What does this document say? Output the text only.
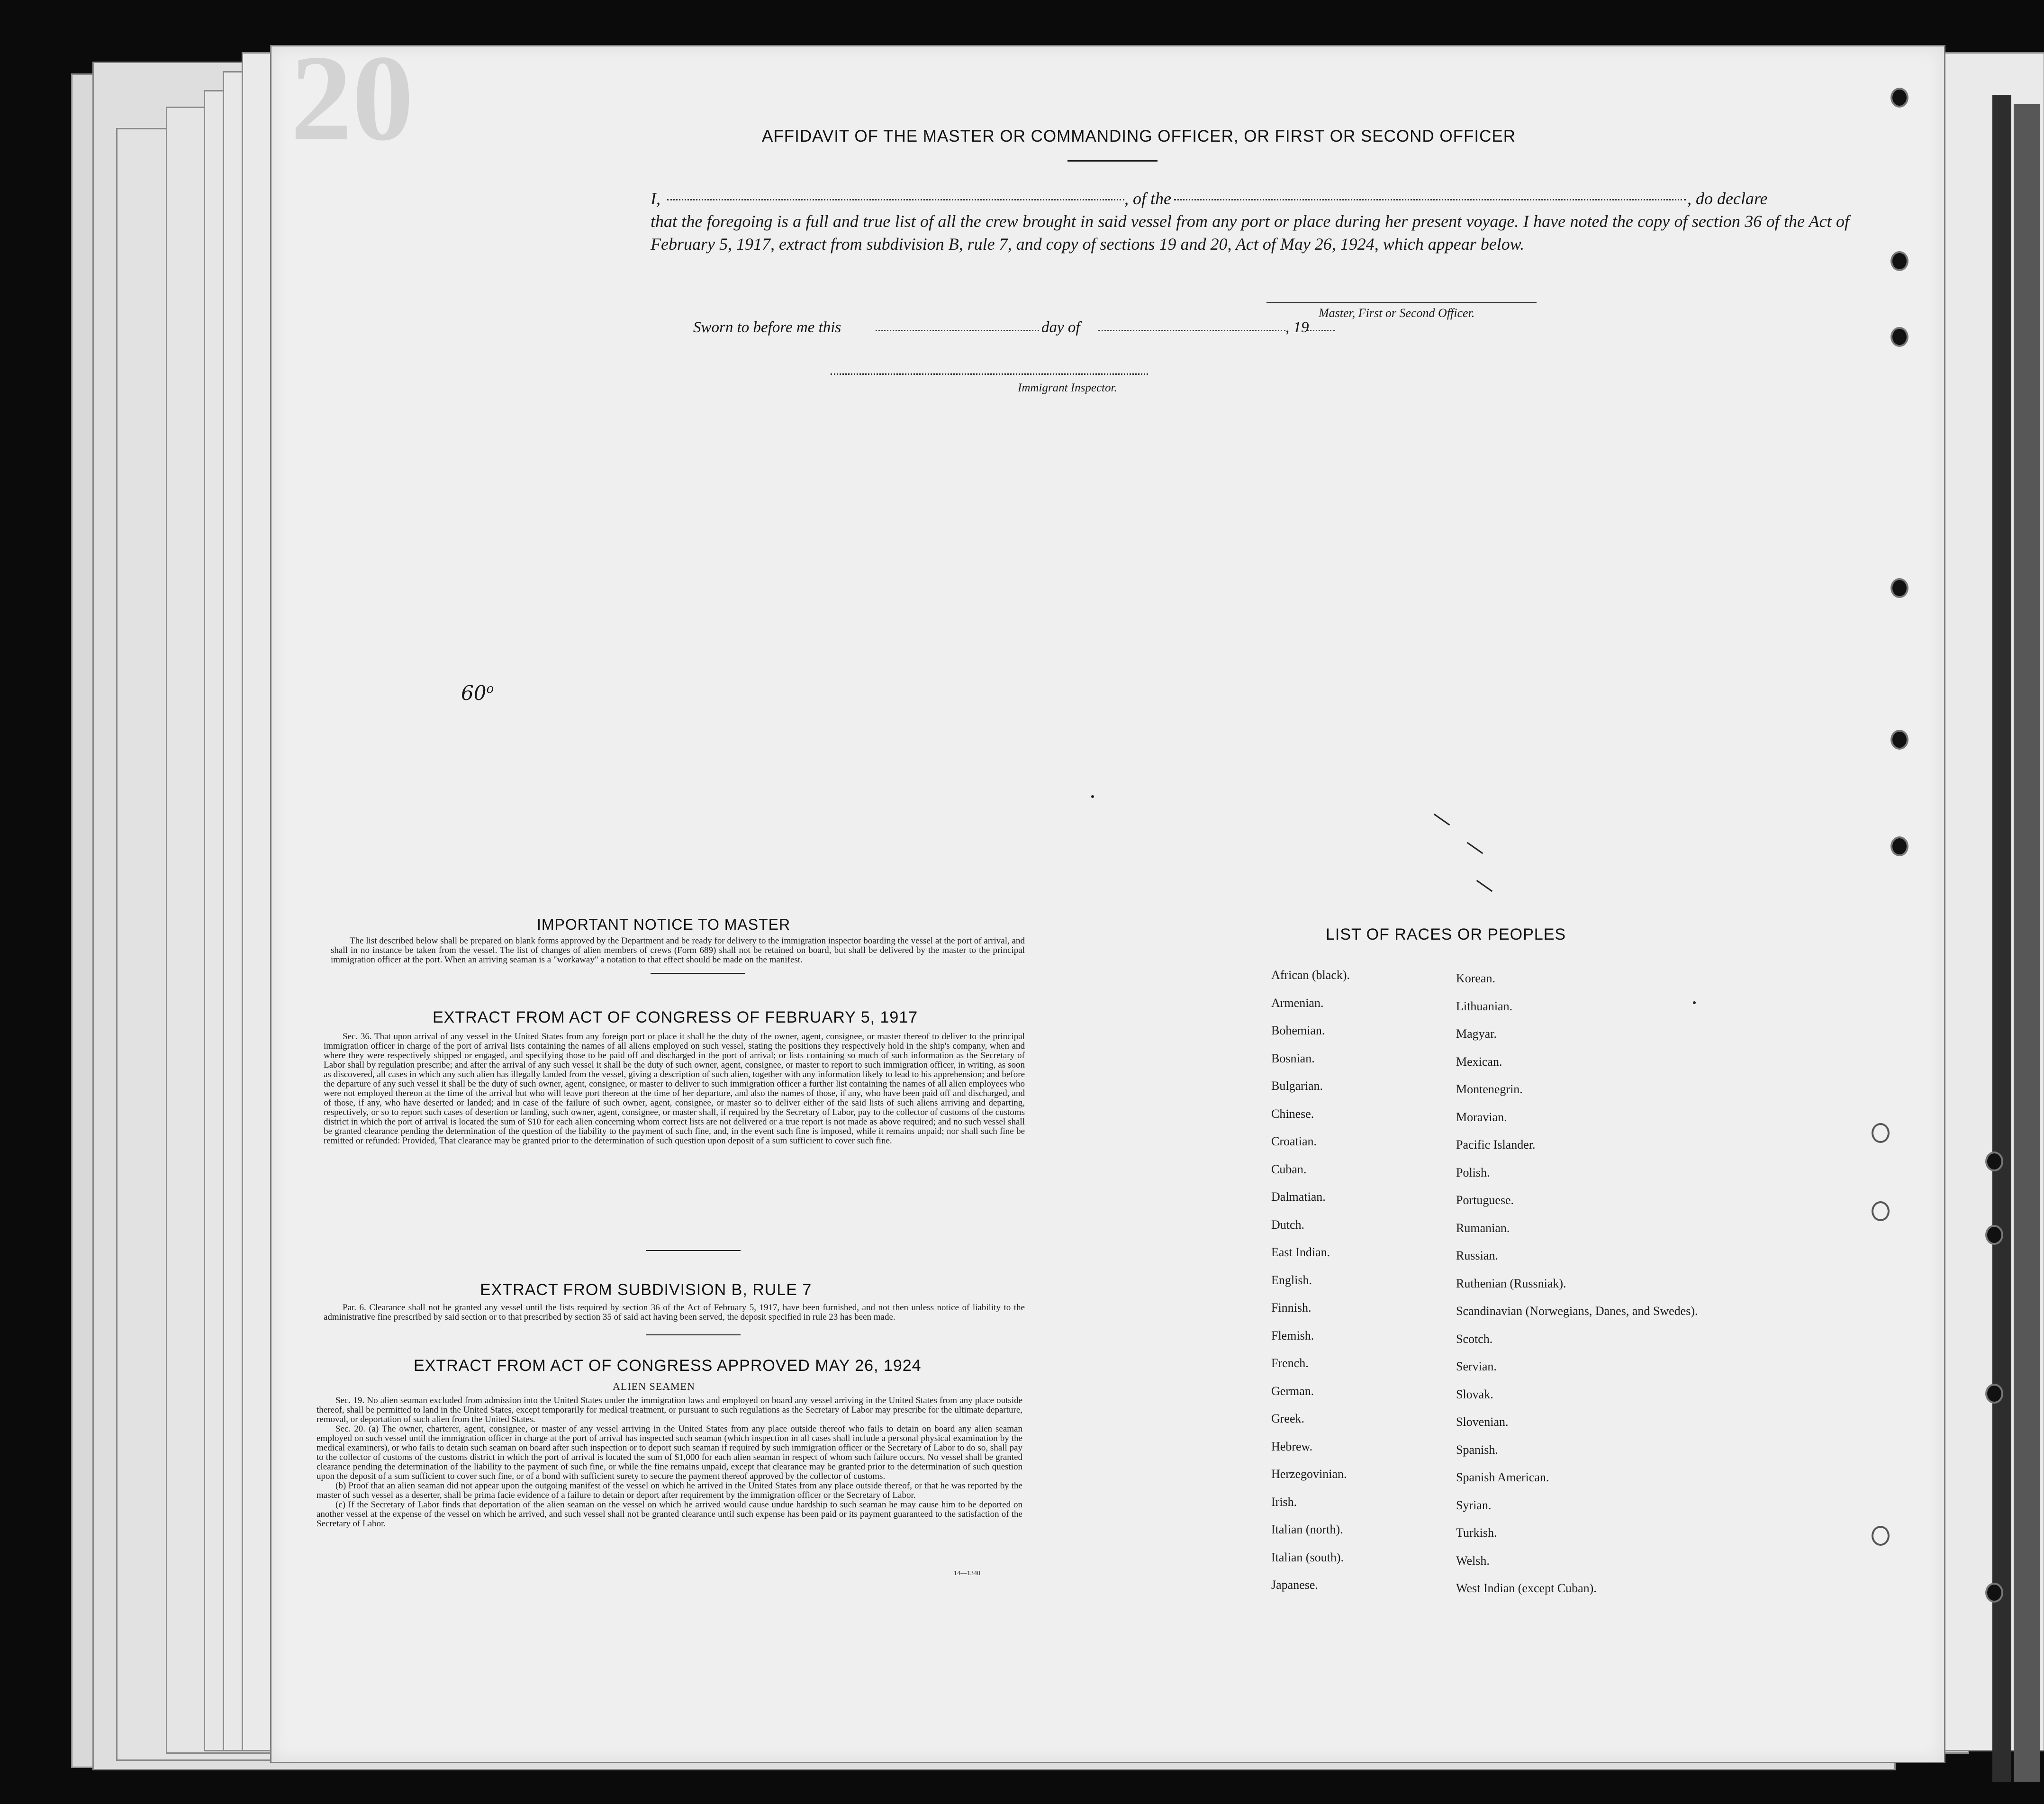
20	AFFIDAVIT OF THE MASTER OR COMMANDING OFFICER, OR FIRST OR SECOND OFFICER
I,	, of the	, do declare

that the foregoing is a full and true list of all the crew brought in said vessel from any port or place during her present voyage. I have noted the copy of section 36 of the Act of February 5, 1917, extract from subdivision B, rule 7, and copy of sections 19 and 20, Act of May 26, 1924, which appear below.

Master, First or Second Officer.
Sworn to before me this	day of	, 19
Immigrant Inspector.
60$^o$
IMPORTANT NOTICE TO MASTER

The list described below shall be prepared on blank forms approved by the Department and be ready for delivery to the immigration inspector boarding the vessel at the port of arrival, and shall in no instance be taken from the vessel. The list of changes of alien members of crews (Form 689) shall not be retained on board, but shall be delivered by the master to the principal immigration officer at the port. When an arriving seaman is a "workaway" a notation to that effect should be made on the manifest.

EXTRACT FROM ACT OF CONGRESS OF FEBRUARY 5, 1917

Sec. 36. That upon arrival of any vessel in the United States from any foreign port or place it shall be the duty of the owner, agent, consignee, or master thereof to deliver to the principal immigration officer in charge of the port of arrival lists containing the names of all aliens employed on such vessel, stating the positions they respectively hold in the ship's company, when and where they were respectively shipped or engaged, and specifying those to be paid off and discharged in the port of arrival; or lists containing so much of such information as the Secretary of Labor shall by regulation prescribe; and after the arrival of any such vessel it shall be the duty of such owner, agent, consignee, or master to report to such immigration officer, in writing, as soon as discovered, all cases in which any such alien has illegally landed from the vessel, giving a description of such alien, together with any information likely to lead to his apprehension; and before the departure of any such vessel it shall be the duty of such owner, agent, consignee, or master to deliver to such immigration officer a further list containing the names of all alien employees who were not employed thereon at the time of the arrival but who will leave port thereon at the time of her departure, and also the names of those, if any, who have been paid off and discharged, and of those, if any, who have deserted or landed; and in case of the failure of such owner, agent, consignee, or master so to deliver either of the said lists of such aliens arriving and departing, respectively, or so to report such cases of desertion or landing, such owner, agent, consignee, or master shall, if required by the Secretary of Labor, pay to the collector of customs of the customs district in which the port of arrival is located the sum of $10 for each alien concerning whom correct lists are not delivered or a true report is not made as above required; and no such vessel shall be granted clearance pending the determination of the question of the liability to the payment of such fine, and, in the event such fine is imposed, while it remains unpaid; nor shall such fine be remitted or refunded: Provided, That clearance may be granted prior to the determination of such question upon deposit of a sum sufficient to cover such fine.

EXTRACT FROM SUBDIVISION B, RULE 7

Par. 6. Clearance shall not be granted any vessel until the lists required by section 36 of the Act of February 5, 1917, have been furnished, and not then unless notice of liability to the administrative fine prescribed by said section or to that prescribed by section 35 of said act having been served, the deposit specified in rule 23 has been made.

EXTRACT FROM ACT OF CONGRESS APPROVED MAY 26, 1924
ALIEN SEAMEN

Sec. 19. No alien seaman excluded from admission into the United States under the immigration laws and employed on board any vessel arriving in the United States from any place outside thereof, shall be permitted to land in the United States, except temporarily for medical treatment, or pursuant to such regulations as the Secretary of Labor may prescribe for the ultimate departure, removal, or deportation of such alien from the United States.

Sec. 20. (a) The owner, charterer, agent, consignee, or master of any vessel arriving in the United States from any place outside thereof who fails to detain on board any alien seaman employed on such vessel until the immigration officer in charge at the port of arrival has inspected such seaman (which inspection in all cases shall include a personal physical examination by the medical examiners), or who fails to detain such seaman on board after such inspection or to deport such seaman if required by such immigration officer or the Secretary of Labor to do so, shall pay to the collector of customs of the customs district in which the port of arrival is located the sum of $1,000 for each alien seaman in respect of whom such failure occurs. No vessel shall be granted clearance pending the determination of the liability to the payment of such fine, or while the fine remains unpaid, except that clearance may be granted prior to the determination of such question upon the deposit of a sum sufficient to cover such fine, or of a bond with sufficient surety to secure the payment thereof approved by the collector of customs.

(b) Proof that an alien seaman did not appear upon the outgoing manifest of the vessel on which he arrived in the United States from any place outside thereof, or that he was reported by the master of such vessel as a deserter, shall be prima facie evidence of a failure to detain or deport after requirement by the immigration officer or the Secretary of Labor.

(c) If the Secretary of Labor finds that deportation of the alien seaman on the vessel on which he arrived would cause undue hardship to such seaman he may cause him to be deported on another vessel at the expense of the vessel on which he arrived, and such vessel shall not be granted clearance until such expense has been paid or its payment guaranteed to the satisfaction of the Secretary of Labor.

14—1340
LIST OF RACES OR PEOPLES
African (black).
Armenian.
Bohemian.
Bosnian.
Bulgarian.
Chinese.
Croatian.
Cuban.
Dalmatian.
Dutch.
East Indian.
English.
Finnish.
Flemish.
French.
German.
Greek.
Hebrew.
Herzegovinian.
Irish.
Italian (north).
Italian (south).
Japanese.
Korean.
Lithuanian.
Magyar.
Mexican.
Montenegrin.
Moravian.
Pacific Islander.
Polish.
Portuguese.
Rumanian.
Russian.
Ruthenian (Russniak).
Scandinavian (Norwegians, Danes, and Swedes).
Scotch.
Servian.
Slovak.
Slovenian.
Spanish.
Spanish American.
Syrian.
Turkish.
Welsh.
West Indian (except Cuban).
